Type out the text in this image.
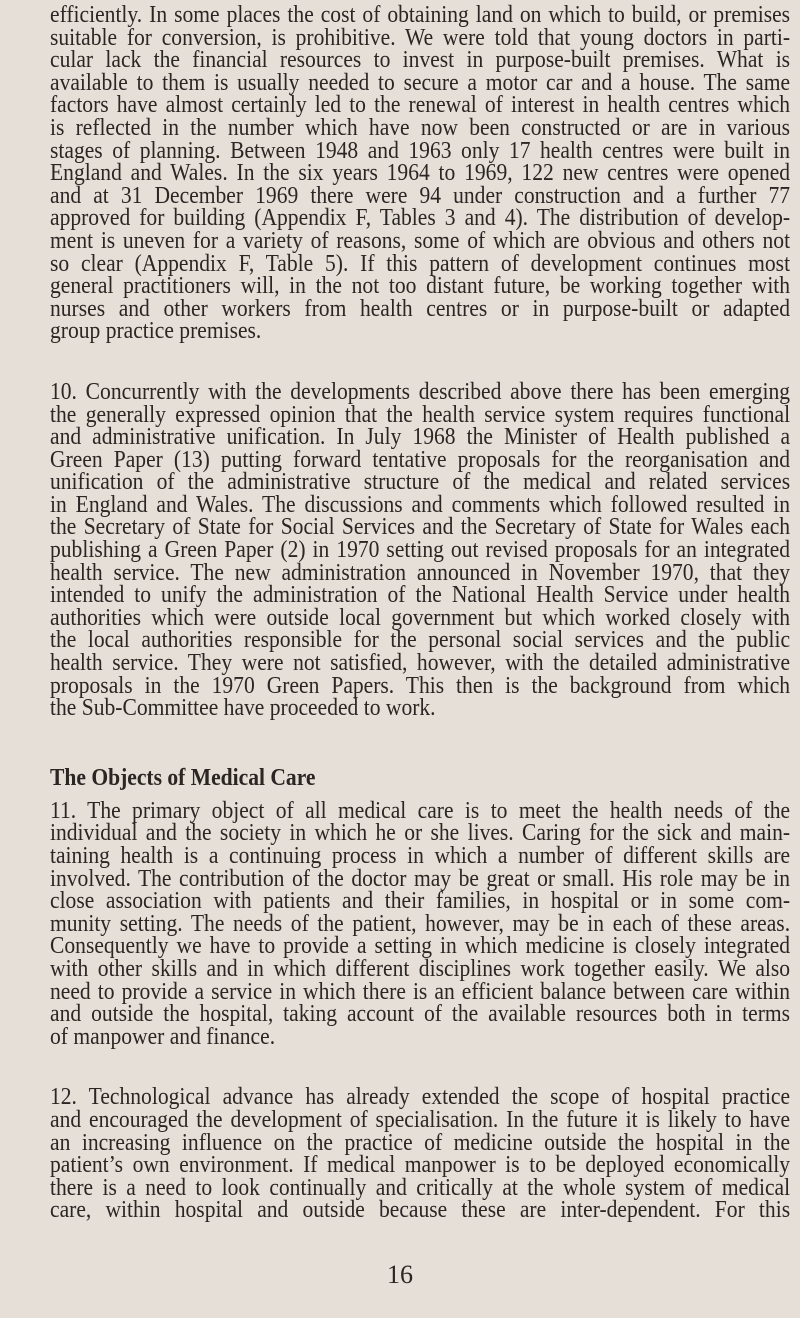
efficiently. In some places the cost of obtaining land on which to build, or premises
suitable for conversion, is prohibitive. We were told that young doctors in parti-
cular lack the financial resources to invest in purpose-built premises. What is
available to them is usually needed to secure a motor car and a house. The same
factors have almost certainly led to the renewal of interest in health centres which
is reflected in the number which have now been constructed or are in various
stages of planning. Between 1948 and 1963 only 17 health centres were built in
England and Wales. In the six years 1964 to 1969, 122 new centres were opened
and at 31 December 1969 there were 94 under construction and a further 77
approved for building (Appendix F, Tables 3 and 4). The distribution of develop-
ment is uneven for a variety of reasons, some of which are obvious and others not
so clear (Appendix F, Table 5). If this pattern of development continues most
general practitioners will, in the not too distant future, be working together with
nurses and other workers from health centres or in purpose-built or adapted
group practice premises.
10. Concurrently with the developments described above there has been emerging
the generally expressed opinion that the health service system requires functional
and administrative unification. In July 1968 the Minister of Health published a
Green Paper (13) putting forward tentative proposals for the reorganisation and
unification of the administrative structure of the medical and related services
in England and Wales. The discussions and comments which followed resulted in
the Secretary of State for Social Services and the Secretary of State for Wales each
publishing a Green Paper (2) in 1970 setting out revised proposals for an integrated
health service. The new administration announced in November 1970, that they
intended to unify the administration of the National Health Service under health
authorities which were outside local government but which worked closely with
the local authorities responsible for the personal social services and the public
health service. They were not satisfied, however, with the detailed administrative
proposals in the 1970 Green Papers. This then is the background from which
the Sub-Committee have proceeded to work.
The Objects of Medical Care
11. The primary object of all medical care is to meet the health needs of the
individual and the society in which he or she lives. Caring for the sick and main-
taining health is a continuing process in which a number of different skills are
involved. The contribution of the doctor may be great or small. His role may be in
close association with patients and their families, in hospital or in some com-
munity setting. The needs of the patient, however, may be in each of these areas.
Consequently we have to provide a setting in which medicine is closely integrated
with other skills and in which different disciplines work together easily. We also
need to provide a service in which there is an efficient balance between care within
and outside the hospital, taking account of the available resources both in terms
of manpower and finance.
12. Technological advance has already extended the scope of hospital practice
and encouraged the development of specialisation. In the future it is likely to have
an increasing influence on the practice of medicine outside the hospital in the
patient’s own environment. If medical manpower is to be deployed economically
there is a need to look continually and critically at the whole system of medical
care, within hospital and outside because these are inter-dependent. For this
16
